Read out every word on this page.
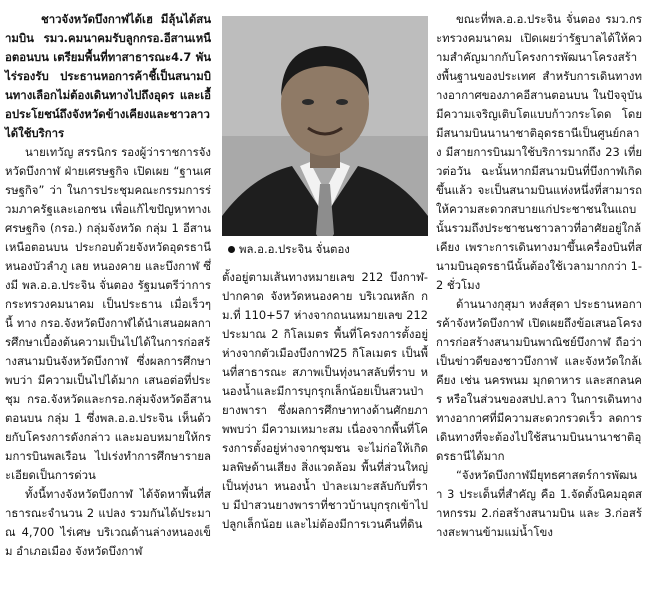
ชาวจังหวัดบึงกาฬได้เฮ มีลุ้นได้สนามบิน รมว.คมนาคมรับลูกกรอ.อีสานเหนือตอนบน เตรียมพื้นที่ทาสาธารณะ4.7 พันไร่รองรับ ประธานหอการค้าชี้เป็นสนามบินทางเลือกไม่ต้องเดินทางไปถึงอุดร และเอื้อประโยชน์ถึงจังหวัดข้างเคียงและชาวลาวได้ใช้บริการ

นายเทวัญ สรรนิกร รองผู้ว่าราชการจังหวัดบึงกาฬ ฝ่ายเศรษฐกิจ เปิดเผย “ฐานเศรษฐกิจ” ว่า ในการประชุมคณะกรรมการร่วมภาครัฐและเอกชน เพื่อแก้ไขปัญหาทางเศรษฐกิจ (กรอ.) กลุ่มจังหวัด กลุ่ม 1 อีสานเหนือตอนบน ประกอบด้วยจังหวัดอุดรธานี หนองบัวลำภู เลย หนองคาย และบึงกาฬ ซึ่งมี พล.อ.อ.ประจิน จั่นตอง รัฐมนตรีว่าการกระทรวงคมนาคม เป็นประธาน เมื่อเร็วๆ นี้ ทาง กรอ.จังหวัดบึงกาฬได้นำเสนอผลการศึกษาเบื้องต้นความเป็นไปได้ในการก่อสร้างสนามบินจังหวัดบึงกาฬ ซึ่งผลการศึกษาพบว่า มีความเป็นไปได้มาก เสนอต่อที่ประชุม กรอ.จังหวัดและกรอ.กลุ่มจังหวัดอีสานตอนบน กลุ่ม 1 ซึ่งพล.อ.อ.ประจิน เห็นด้วยกับโครงการดังกล่าว และมอบหมายให้กรมการบินพลเรือน ไปเร่งทำการศึกษารายละเอียดเป็นการด่วน

ทั้งนี้ทางจังหวัดบึงกาฬ ได้จัดหาพื้นที่สาธารณะจำนวน 2 แปลง รวมกันได้ประมาณ 4,700 ไร่เศษ บริเวณด้านล่างหนองเข็ม อำเภอเมือง จังหวัดบึงกาฬ

พล.อ.อ.ประจิน จั่นตอง

ตั้งอยู่ตามเส้นทางหมายเลข 212 บึงกาฬ-ปากคาด จังหวัดหนองคาย บริเวณหลัก กม.ที่ 110+57 ห่างจากถนนหมายเลข 212 ประมาณ 2 กิโลเมตร พื้นที่โครงการตั้งอยู่ห่างจากตัวเมืองบึงกาฬ25 กิโลเมตร เป็นพื้นที่สาธารณะ สภาพเป็นทุ่งนาสลับที่ราบ หนองน้ำและมีการบุกรุกเล็กน้อยเป็นสวนป่ายางพารา ซึ่งผลการศึกษาทางด้านศักยภาพพบว่า มีความเหมาะสม เนื่องจากพื้นที่โครงการตั้งอยู่ห่างจากชุมชน จะไม่ก่อให้เกิดมลพิษด้านเสียง สิ่งแวดล้อม พื้นที่ส่วนใหญ่เป็นทุ่งนา หนองน้ำ ป่าละเมาะสลับกับที่ราบ มีป่าสวนยางพาราที่ชาวบ้านบุกรุกเข้าไปปลูกเล็กน้อย และไม่ต้องมีการเวนคืนที่ดิน

ขณะที่พล.อ.อ.ประจิน จั่นตอง รมว.กระทรวงคมนาคม เปิดเผยว่ารัฐบาลได้ให้ความสำคัญมากกับโครงการพัฒนาโครงสร้างพื้นฐานของประเทศ สำหรับการเดินทางทางอากาศของภาคอีสานตอนบน ในปัจจุบันมีความเจริญเติบโตแบบก้าวกระโดด โดยมีสนามบินนานาชาติอุดรธานีเป็นศูนย์กลาง มีสายการบินมาใช้บริการมากถึง 23 เที่ยวต่อวัน ฉะนั้นหากมีสนามบินที่บึงกาฬเกิดขึ้นแล้ว จะเป็นสนามบินแห่งหนึ่งที่สามารถให้ความสะดวกสบายแก่ประชาชนในแถบนั้นรวมถึงประชาชนชาวลาวที่อาศัยอยู่ใกล้เคียง เพราะการเดินทางมาขึ้นเครื่องบินที่สนามบินอุดรธานีนั้นต้องใช้เวลามากกว่า 1-2 ชั่วโมง

ด้านนางกุสุมา หงส์สุดา ประธานหอการค้าจังหวัดบึงกาฬ เปิดเผยถึงข้อเสนอโครงการก่อสร้างสนามบินพาณิชย์บึงกาฬ ถือว่าเป็นข่าวดีของชาวบึงกาฬ และจังหวัดใกล้เคียง เช่น นครพนม มุกดาหาร และสกลนคร หรือในส่วนของสปป.ลาว ในการเดินทางทางอากาศที่มีความสะดวกรวดเร็ว ลดการเดินทางที่จะต้องไปใช้สนามบินนานาชาติอุดรธานีได้มาก

“จังหวัดบึงกาฬมียุทธศาสตร์การพัฒนา 3 ประเด็นที่สำคัญ คือ 1.จัดตั้งนิคมอุตสาหกรรม 2.ก่อสร้างสนามบิน และ 3.ก่อสร้างสะพานข้ามแม่น้ำโขง
